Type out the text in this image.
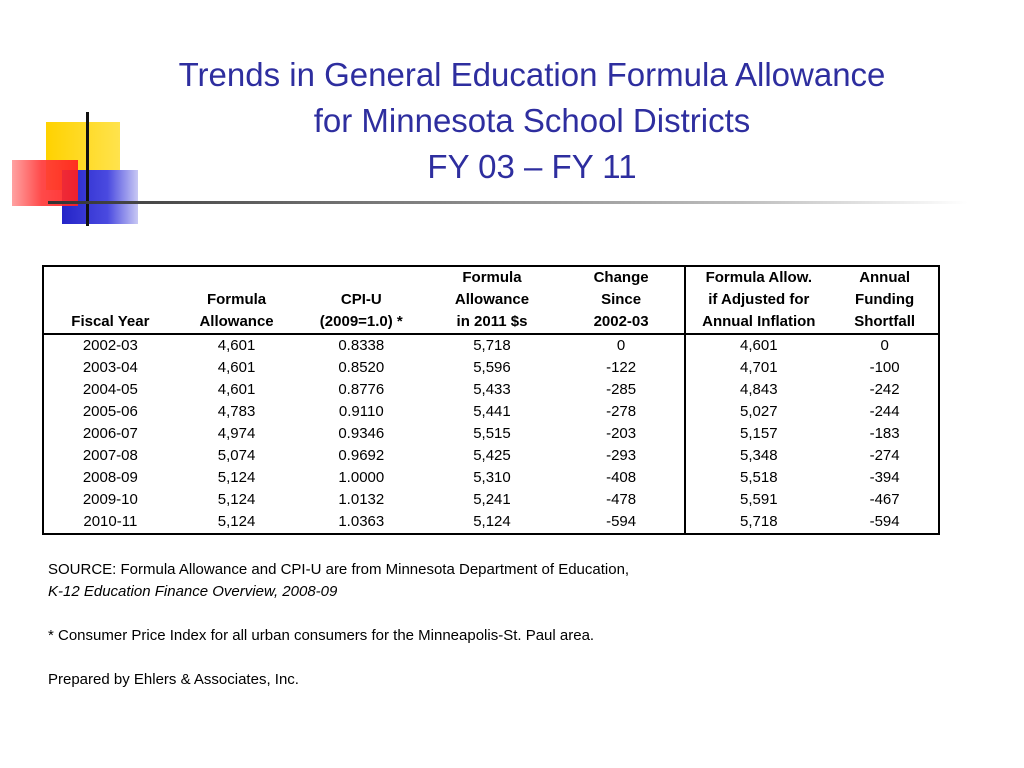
Trends in General Education Formula Allowance
for Minnesota School Districts
FY 03 – FY 11
			Formula	Change	Formula Allow.	Annual
	Formula	CPI-U	Allowance	Since	if Adjusted for	Funding
Fiscal Year	Allowance	(2009=1.0) *	in 2011 $s	2002-03	Annual Inflation	Shortfall
2002-03	4,601	0.8338	5,718	0	4,601	0
2003-04	4,601	0.8520	5,596	-122	4,701	-100
2004-05	4,601	0.8776	5,433	-285	4,843	-242
2005-06	4,783	0.9110	5,441	-278	5,027	-244
2006-07	4,974	0.9346	5,515	-203	5,157	-183
2007-08	5,074	0.9692	5,425	-293	5,348	-274
2008-09	5,124	1.0000	5,310	-408	5,518	-394
2009-10	5,124	1.0132	5,241	-478	5,591	-467
2010-11	5,124	1.0363	5,124	-594	5,718	-594

SOURCE: Formula Allowance and CPI-U are from Minnesota Department of Education,

K-12 Education Finance Overview, 2008-09

* Consumer Price Index for all urban consumers for the Minneapolis-St. Paul area.

Prepared by Ehlers & Associates, Inc.
